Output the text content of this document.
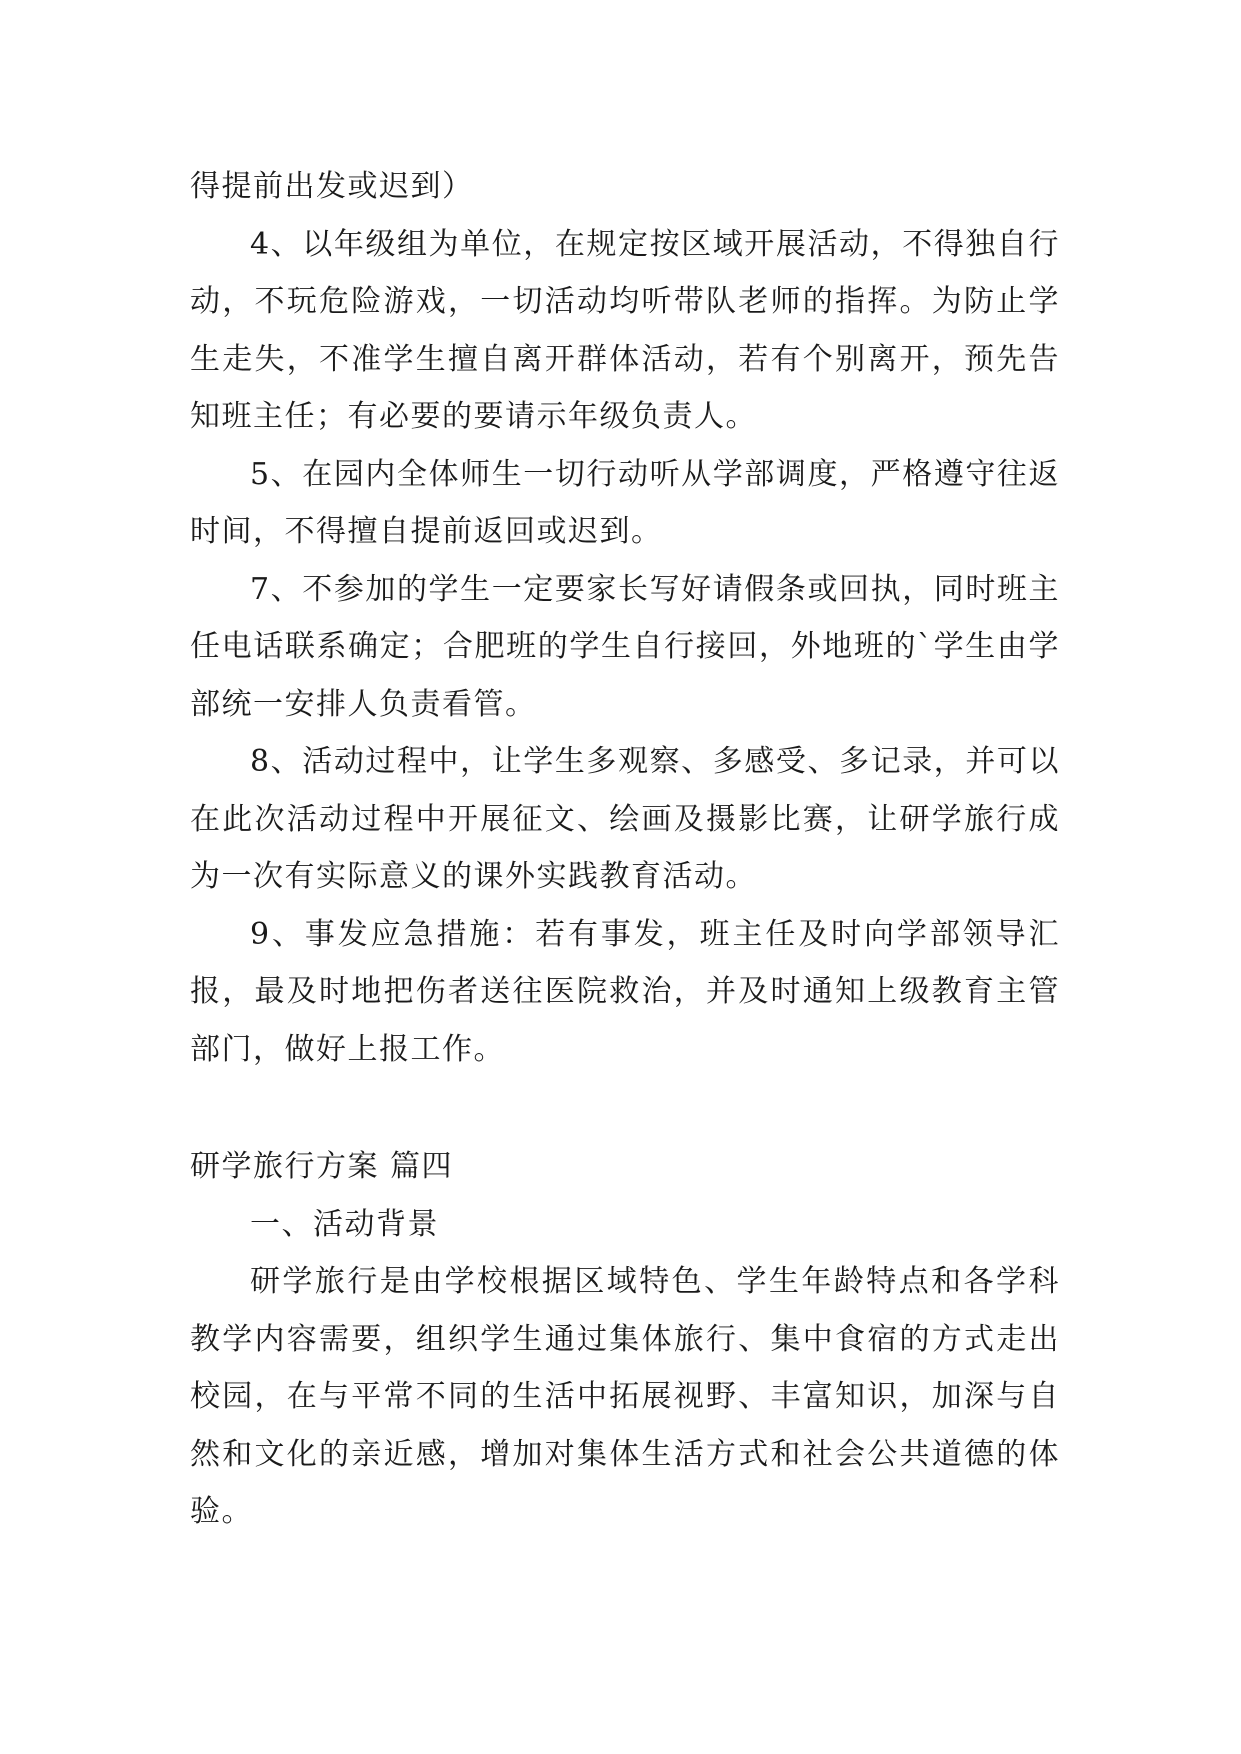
得提前出发或迟到）

4、以年级组为单位，在规定按区域开展活动，不得独自行动，不玩危险游戏，一切活动均听带队老师的指挥。为防止学生走失，不准学生擅自离开群体活动，若有个别离开，预先告知班主任；有必要的要请示年级负责人。

5、在园内全体师生一切行动听从学部调度，严格遵守往返时间，不得擅自提前返回或迟到。

7、不参加的学生一定要家长写好请假条或回执，同时班主任电话联系确定；合肥班的学生自行接回，外地班的`学生由学部统一安排人负责看管。

8、活动过程中，让学生多观察、多感受、多记录，并可以在此次活动过程中开展征文、绘画及摄影比赛，让研学旅行成为一次有实际意义的课外实践教育活动。

9、事发应急措施：若有事发，班主任及时向学部领导汇报，最及时地把伤者送往医院救治，并及时通知上级教育主管部门，做好上报工作。

研学旅行方案 篇四

一、活动背景

研学旅行是由学校根据区域特色、学生年龄特点和各学科教学内容需要，组织学生通过集体旅行、集中食宿的方式走出校园，在与平常不同的生活中拓展视野、丰富知识，加深与自然和文化的亲近感，增加对集体生活方式和社会公共道德的体验。
